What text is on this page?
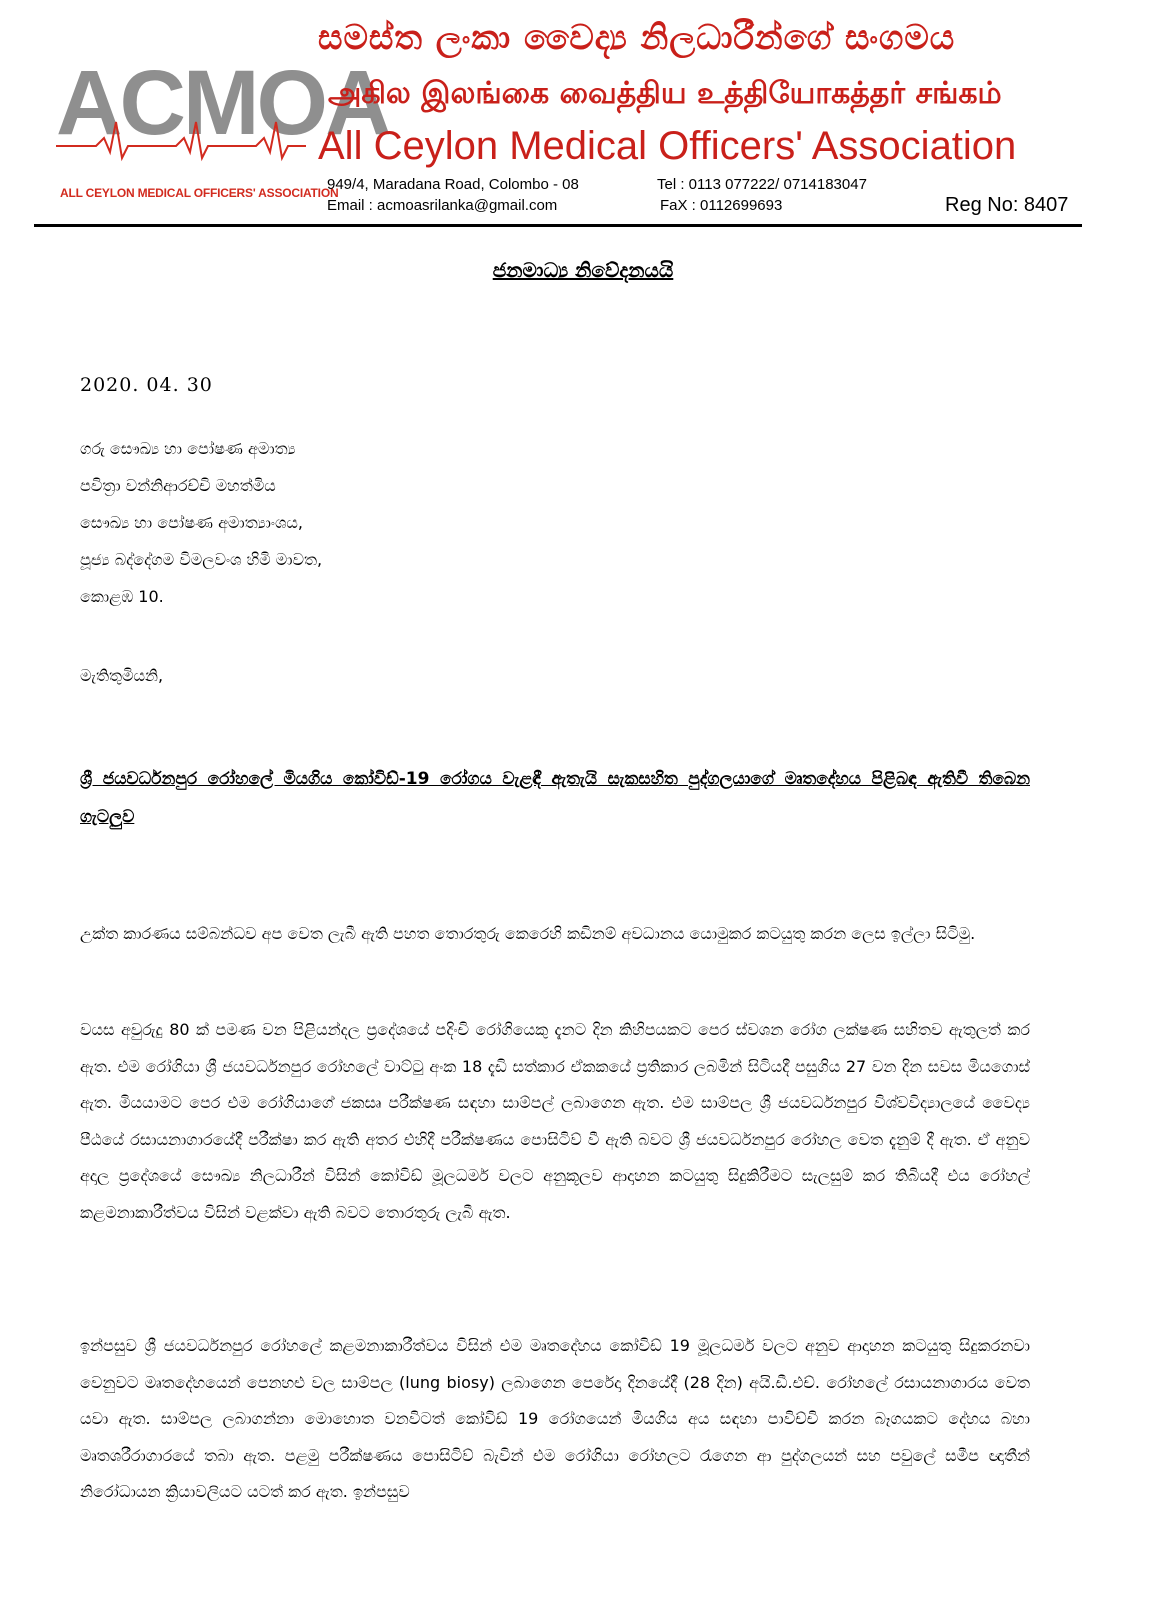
ACMOA
ALL CEYLON MEDICAL OFFICERS' ASSOCIATION
සමස්ත ලංකා වෛද්‍ය නිලධාරීන්ගේ සංගමය
அகில இலங்கை வைத்திய உத்தியோகத்தர் சங்கம்
All Ceylon Medical Officers' Association
949/4, Maradana Road, Colombo - 08
Email : acmoasrilanka@gmail.com
Tel : 0113 077222/ 0714183047
FaX : 0112699693	Reg No: 8407
ජනමාධ්‍ය නිවේදනයයි
2020. 04. 30
ගරු සෞඛ්‍ය හා පෝෂණ අමාත්‍ය
පවිත්‍රා වන්නිආරච්චි මහත්මිය
සෞඛ්‍ය හා පෝෂණ අමාත්‍යාංශය,
පූජ්‍ය බද්දේගම විමලවංශ හිමි මාවත,
කොළඹ 10.
මැතිතුමියනි,
ශ්‍රී ජයවර්ධනපුර රෝහලේ මියගිය කෝවිඩ්-19 රෝගය වැළඳී ඇතැයි සැකසහිත පුද්ගලයාගේ මෘතදේහය පිළිබඳ ඇතිවී තිබෙන ගැටලුව
උක්ත කාරණය සම්බන්ධව අප වෙත ලැබී ඇති පහත තොරතුරු කෙරෙහි කඩිනම් අවධානය යොමුකර කටයුතු කරන ලෙස ඉල්ලා සිටිමු.
වයස අවුරුදු 80 ක් පමණ වන පිළියන්දල ප්‍රදේශයේ පදිංචි රෝගියෙකු දැනට දින කිහිපයකට පෙර ස්වශන රෝග ලක්ෂණ සහිතව ඇතුලත් කර ඇත. එම රෝගියා ශ්‍රී ජයවර්ධනපුර රෝහලේ වාට්ටු අංක 18 දැඩි සත්කාර ඒකකයේ ප්‍රතිකාර ලබමින් සිටියදී පසුගිය 27 වන දින සවස මියගොස් ඇත. මියයාමට පෙර එම රෝගියාගේ ජකසෘ පරීක්ෂණ සඳහා සාම්පල් ලබාගෙන ඇත. එම සාම්පල ශ්‍රී ජයවර්ධනපුර විශ්වවිද්‍යාලයේ වෛද්‍ය පීඨයේ රසායනාගාරයේදී පරීක්ෂා කර ඇති අතර එහිදී පරීක්ෂණය පොසිටිව් වී ඇති බවට ශ්‍රී ජයවර්ධනපුර රෝහල වෙත දැනුම් දී ඇත. ඒ අනුව අදාල ප්‍රදේශයේ සෞඛ්‍ය නිලධාරීන් විසින් කෝවිඩ් මූලධර්ම වලට අනුකූලව ආදාහන කටයුතු සිදුකිරීමට සැලසුම් කර තිබියදී එය රෝහල් කළමනාකාරීත්වය විසින් වළක්වා ඇති බවට තොරතුරු ලැබී ඇත.
ඉන්පසුව ශ්‍රී ජයවර්ධනපුර රෝහලේ කළමනාකාරීත්වය විසින් එම මෘතදේහය කෝවිඩ් 19 මූලධර්ම වලට අනුව ආදාහන කටයුතු සිදුකරනවා වෙනුවට මෘතදේහයෙන් පෙනහළු වල සාම්පල (lung biosy) ලබාගෙන පෙරේදා දිනයේදී (28 දින) අයි.ඩී.එච්. රෝහලේ රසායනාගාරය වෙත යවා ඇත. සාම්පල ලබාගන්නා මොහොත වනවිටත් කෝවිඩ් 19 රෝගයෙන් මියගිය අය සඳහා පාවිච්චි කරන බෑගයකට දේහය බහා මෘතශරීරාගාරයේ තබා ඇත. පළමු පරීක්ෂණය පොසිටිව් බැවින් එම රෝගියා රෝහලට රැගෙන ආ පුද්ගලයන් සහ පවුලේ සමීප ඥාතීන් නිරෝධායන ක්‍රියාවලියට යටත් කර ඇත. ඉන්පසුව
